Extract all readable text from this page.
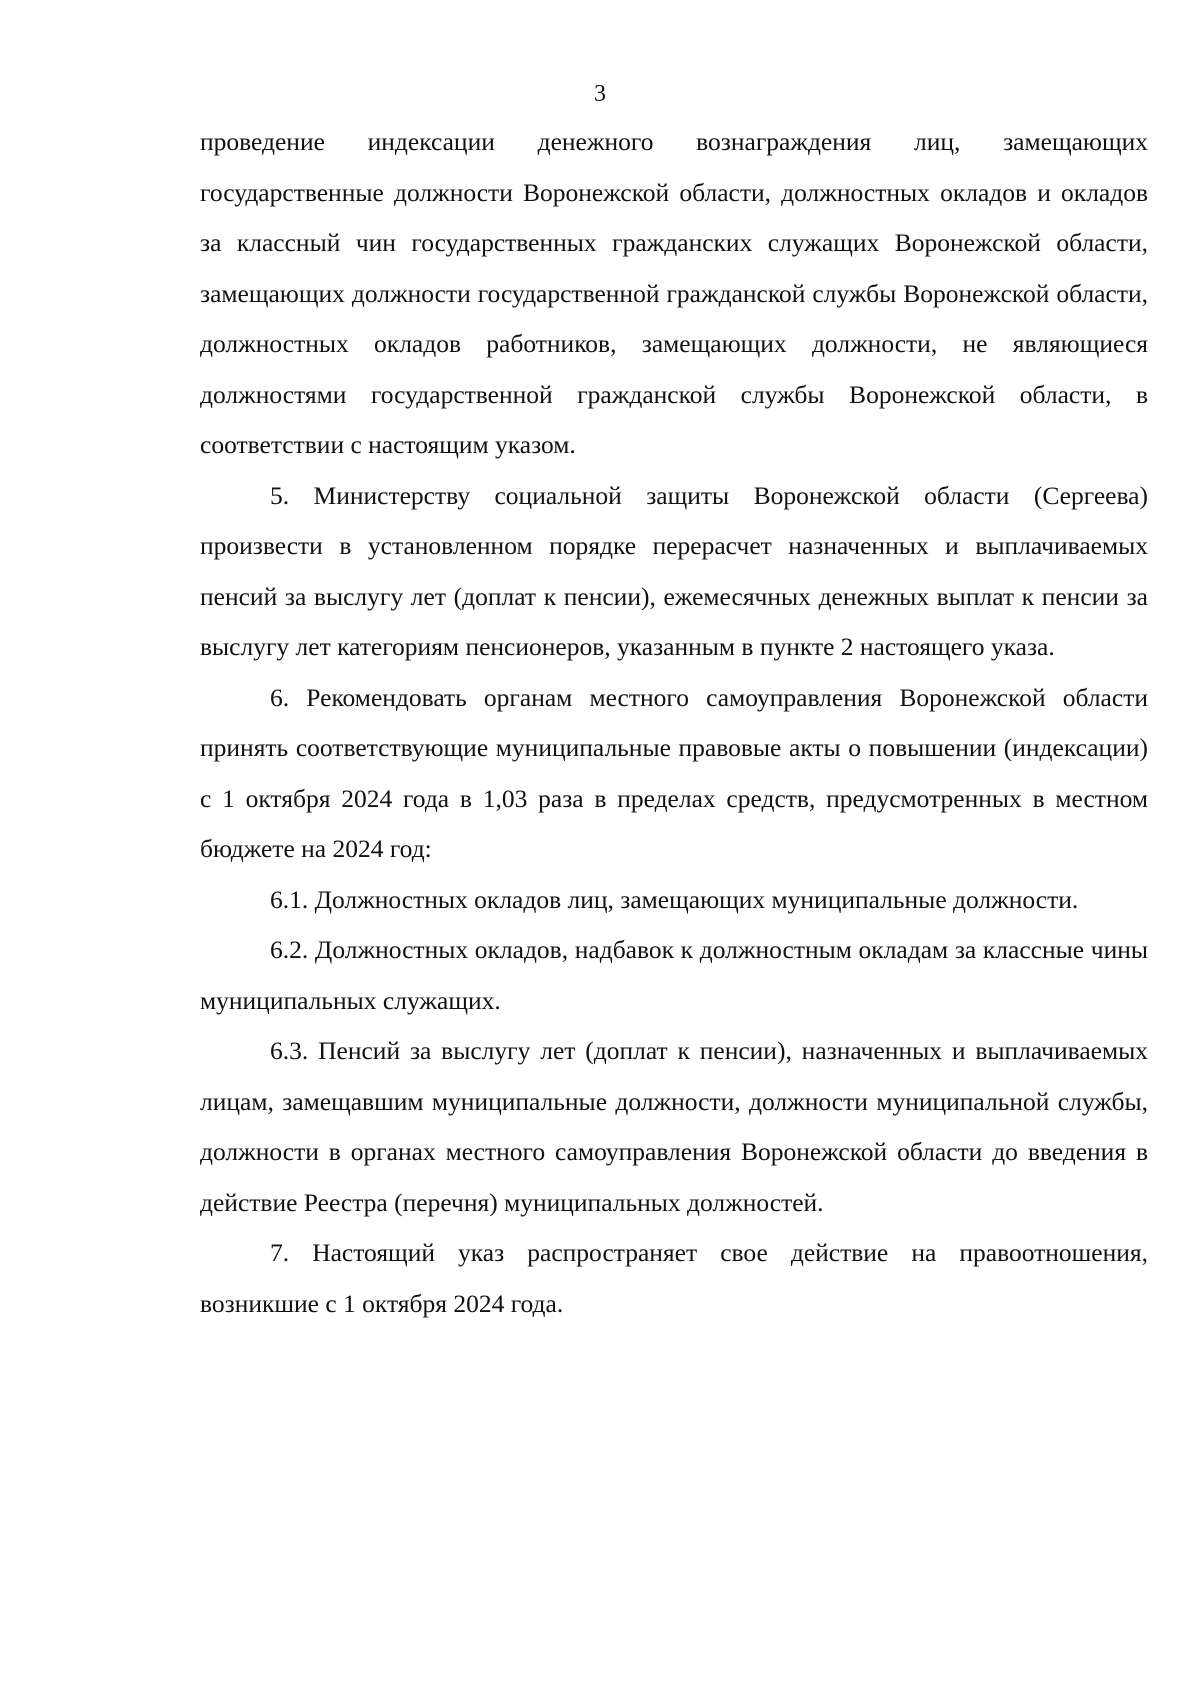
3

проведение индексации денежного вознаграждения лиц, замещающих государственные должности Воронежской области, должностных окладов и окладов за классный чин государственных гражданских служащих Воронежской области, замещающих должности государственной гражданской службы Воронежской области, должностных окладов работников, замещающих должности, не являющиеся должностями государственной гражданской службы Воронежской области, в соответствии с настоящим указом.

5. Министерству социальной защиты Воронежской области (Сергеева) произвести в установленном порядке перерасчет назначенных и выплачиваемых пенсий за выслугу лет (доплат к пенсии), ежемесячных денежных выплат к пенсии за выслугу лет категориям пенсионеров, указанным в пункте 2 настоящего указа.

6. Рекомендовать органам местного самоуправления Воронежской области принять соответствующие муниципальные правовые акты о повышении (индексации) с 1 октября 2024 года в 1,03 раза в пределах средств, предусмотренных в местном бюджете на 2024 год:

6.1. Должностных окладов лиц, замещающих муниципальные должности.

6.2. Должностных окладов, надбавок к должностным окладам за классные чины муниципальных служащих.

6.3. Пенсий за выслугу лет (доплат к пенсии), назначенных и выплачиваемых лицам, замещавшим муниципальные должности, должности муниципальной службы, должности в органах местного самоуправления Воронежской области до введения в действие Реестра (перечня) муниципальных должностей.

7. Настоящий указ распространяет свое действие на правоотношения, возникшие с 1 октября 2024 года.
